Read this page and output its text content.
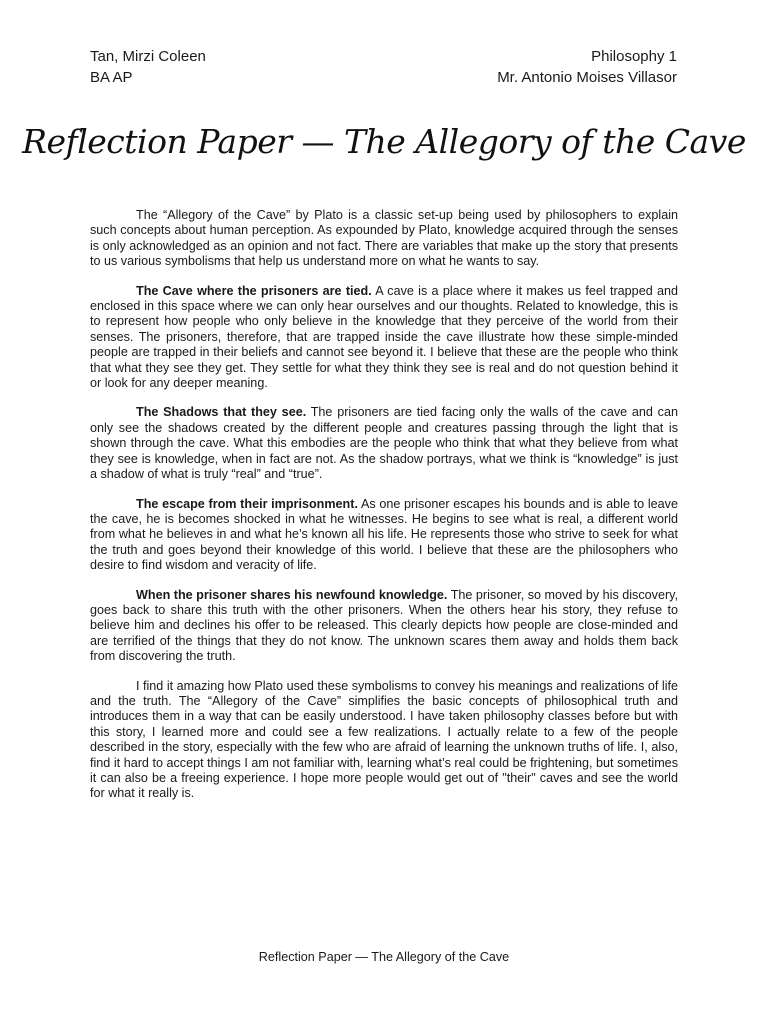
Tan, Mirzi Coleen
BA AP
Philosophy 1
Mr. Antonio Moises Villasor
Reflection Paper — The Allegory of the Cave

The “Allegory of the Cave” by Plato is a classic set-up being used by philosophers to explain such concepts about human perception. As expounded by Plato, knowledge acquired through the senses is only acknowledged as an opinion and not fact. There are variables that make up the story that presents to us various symbolisms that help us understand more on what he wants to say.

The Cave where the prisoners are tied. A cave is a place where it makes us feel trapped and enclosed in this space where we can only hear ourselves and our thoughts. Related to knowledge, this is to represent how people who only believe in the knowledge that they perceive of the world from their senses. The prisoners, therefore, that are trapped inside the cave illustrate how these simple-minded people are trapped in their beliefs and cannot see beyond it. I believe that these are the people who think that what they see they get. They settle for what they think they see is real and do not question behind it or look for any deeper meaning.

The Shadows that they see. The prisoners are tied facing only the walls of the cave and can only see the shadows created by the different people and creatures passing through the light that is shown through the cave. What this embodies are the people who think that what they believe from what they see is knowledge, when in fact are not. As the shadow portrays, what we think is “knowledge” is just a shadow of what is truly “real” and “true”.

The escape from their imprisonment. As one prisoner escapes his bounds and is able to leave the cave, he is becomes shocked in what he witnesses. He begins to see what is real, a different world from what he believes in and what he’s known all his life. He represents those who strive to seek for what the truth and goes beyond their knowledge of this world. I believe that these are the philosophers who desire to find wisdom and veracity of life.

When the prisoner shares his newfound knowledge. The prisoner, so moved by his discovery, goes back to share this truth with the other prisoners. When the others hear his story, they refuse to believe him and declines his offer to be released. This clearly depicts how people are close-minded and are terrified of the things that they do not know. The unknown scares them away and holds them back from discovering the truth.

I find it amazing how Plato used these symbolisms to convey his meanings and realizations of life and the truth. The “Allegory of the Cave” simplifies the basic concepts of philosophical truth and introduces them in a way that can be easily understood. I have taken philosophy classes before but with this story, I learned more and could see a few realizations. I actually relate to a few of the people described in the story, especially with the few who are afraid of learning the unknown truths of life. I, also, find it hard to accept things I am not familiar with, learning what’s real could be frightening, but sometimes it can also be a freeing experience. I hope more people would get out of "their" caves and see the world for what it really is.

Reflection Paper — The Allegory of the Cave
